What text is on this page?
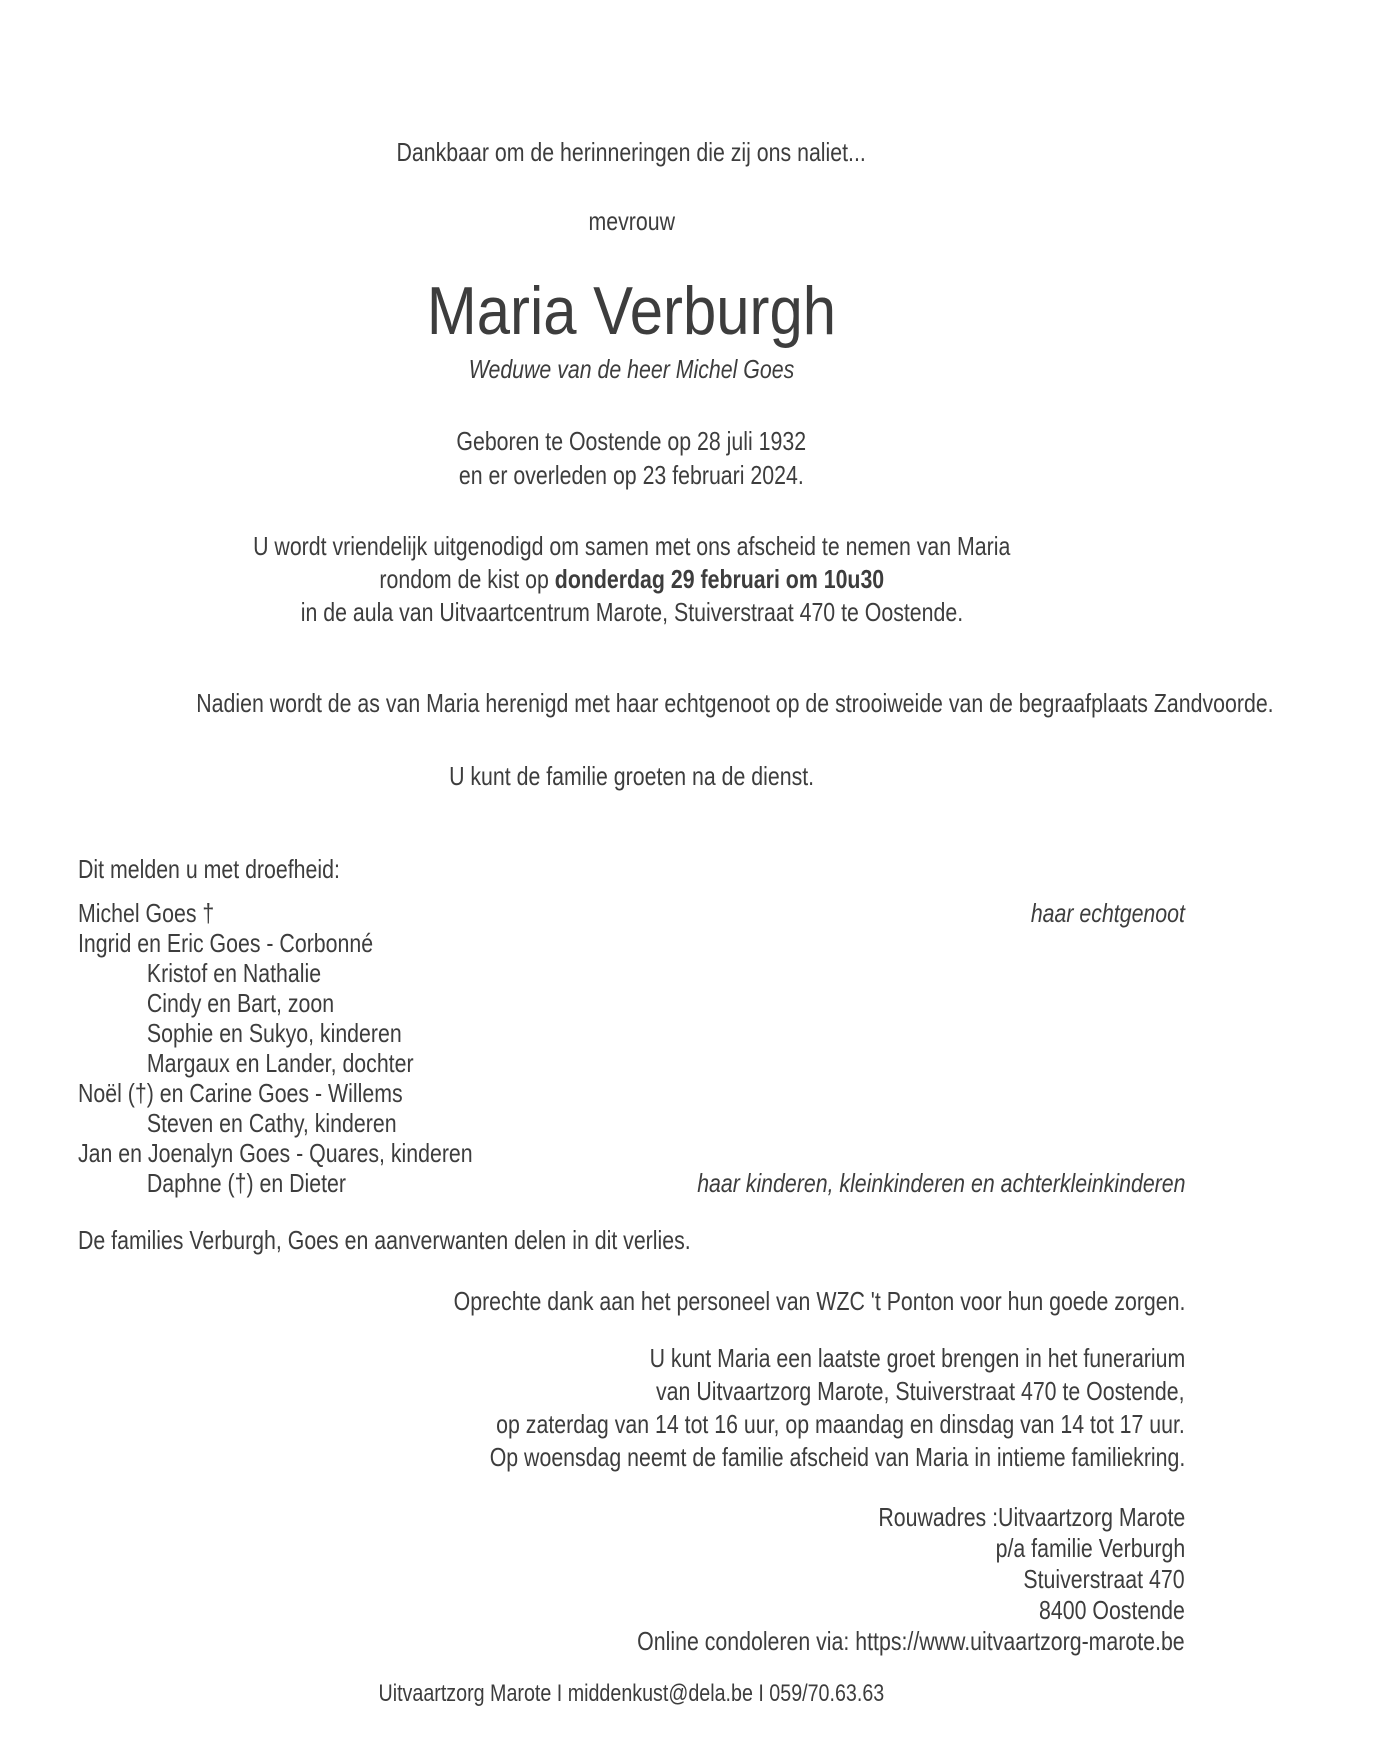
Dankbaar om de herinneringen die zij ons naliet...
mevrouw
Maria Verburgh
Weduwe van de heer Michel Goes
Geboren te Oostende op 28 juli 1932
en er overleden op 23 februari 2024.
U wordt vriendelijk uitgenodigd om samen met ons afscheid te nemen van Maria
rondom de kist op donderdag 29 februari om 10u30
in de aula van Uitvaartcentrum Marote, Stuiverstraat 470 te Oostende.
Nadien wordt de as van Maria herenigd met haar echtgenoot op de strooiweide van de begraafplaats Zandvoorde.
U kunt de familie groeten na de dienst.
Dit melden u met droefheid:
Michel Goes †	haar echtgenoot
Ingrid en Eric Goes - Corbonné
Kristof en Nathalie
Cindy en Bart, zoon
Sophie en Sukyo, kinderen
Margaux en Lander, dochter
Noël (†) en Carine Goes - Willems
Steven en Cathy, kinderen
Jan en Joenalyn Goes - Quares, kinderen
Daphne (†) en Dieter	haar kinderen, kleinkinderen en achterkleinkinderen
De families Verburgh, Goes en aanverwanten delen in dit verlies.
Oprechte dank aan het personeel van WZC 't Ponton voor hun goede zorgen.
U kunt Maria een laatste groet brengen in het funerarium
van Uitvaartzorg Marote, Stuiverstraat 470 te Oostende,
op zaterdag van 14 tot 16 uur, op maandag en dinsdag van 14 tot 17 uur.
Op woensdag neemt de familie afscheid van Maria in intieme familiekring.
Rouwadres :Uitvaartzorg Marote
p/a familie Verburgh
Stuiverstraat 470
8400 Oostende
Online condoleren via: https://www.uitvaartzorg-marote.be
Uitvaartzorg Marote I middenkust@dela.be I 059/70.63.63
